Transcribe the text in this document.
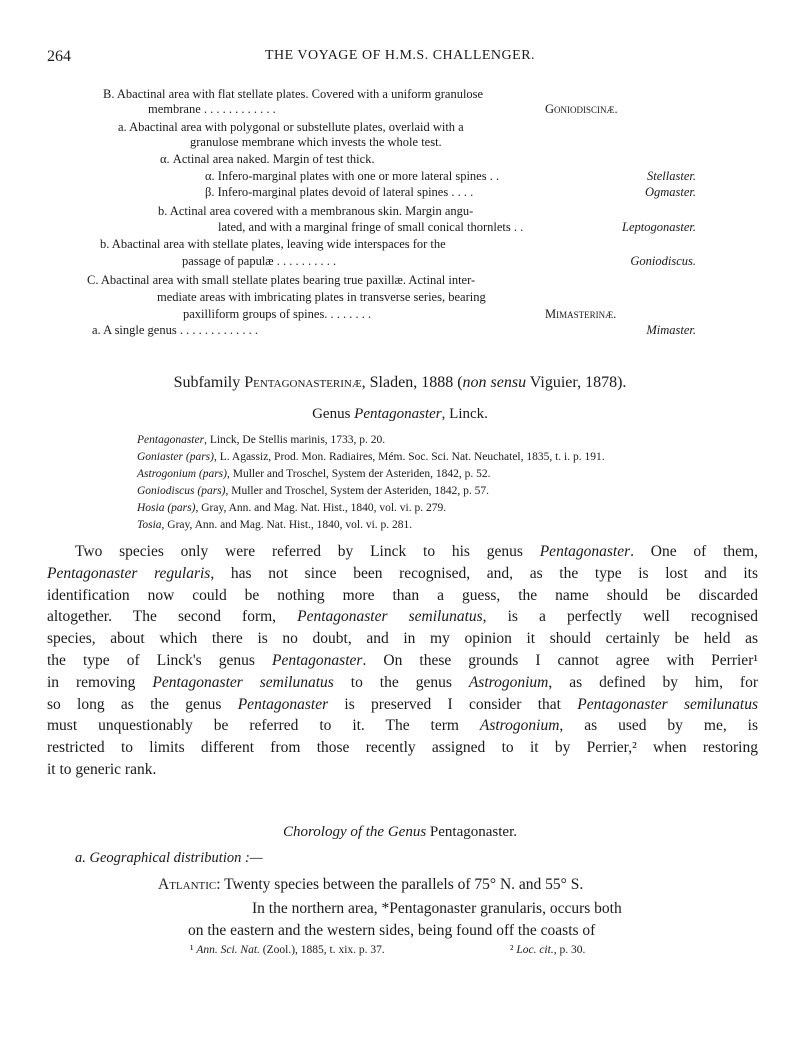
264	THE VOYAGE OF H.M.S. CHALLENGER.
B. Abactinal area with flat stellate plates. Covered with a uniform granulose
membrane . . . . . . . . . . . .	Goniodiscinæ.
a. Abactinal area with polygonal or substellute plates, overlaid with a
granulose membrane which invests the whole test.
α. Actinal area naked. Margin of test thick.
α. Infero-marginal plates with one or more lateral spines . .	Stellaster.
β. Infero-marginal plates devoid of lateral spines . . . .	Ogmaster.
b. Actinal area covered with a membranous skin. Margin angu-
lated, and with a marginal fringe of small conical thornlets . .	Leptogonaster.
b. Abactinal area with stellate plates, leaving wide interspaces for the
passage of papulæ . . . . . . . . . .	Goniodiscus.
C. Abactinal area with small stellate plates bearing true paxillæ. Actinal inter-
mediate areas with imbricating plates in transverse series, bearing
paxilliform groups of spines. . . . . . . .	Mimasterinæ.
a. A single genus . . . . . . . . . . . . .	Mimaster.
Subfamily Pentagonasterinæ, Sladen, 1888 (non sensu Viguier, 1878).
Genus Pentagonaster, Linck.
Pentagonaster, Linck, De Stellis marinis, 1733, p. 20.
Goniaster (pars), L. Agassiz, Prod. Mon. Radiaires, Mém. Soc. Sci. Nat. Neuchatel, 1835, t. i. p. 191.
Astrogonium (pars), Muller and Troschel, System der Asteriden, 1842, p. 52.
Goniodiscus (pars), Muller and Troschel, System der Asteriden, 1842, p. 57.
Hosia (pars), Gray, Ann. and Mag. Nat. Hist., 1840, vol. vi. p. 279.
Tosia, Gray, Ann. and Mag. Nat. Hist., 1840, vol. vi. p. 281.
Two species only were referred by Linck to his genus Pentagonaster. One of them,
Pentagonaster regularis, has not since been recognised, and, as the type is lost and its
identification now could be nothing more than a guess, the name should be discarded
altogether. The second form, Pentagonaster semilunatus, is a perfectly well recognised
species, about which there is no doubt, and in my opinion it should certainly be held as
the type of Linck's genus Pentagonaster. On these grounds I cannot agree with Perrier¹
in removing Pentagonaster semilunatus to the genus Astrogonium, as defined by him, for
so long as the genus Pentagonaster is preserved I consider that Pentagonaster semilunatus
must unquestionably be referred to it. The term Astrogonium, as used by me, is
restricted to limits different from those recently assigned to it by Perrier,² when restoring
it to generic rank.
Chorology of the Genus Pentagonaster.
a. Geographical distribution :—
Atlantic: Twenty species between the parallels of 75° N. and 55° S.
In the northern area, *Pentagonaster granularis, occurs both
on the eastern and the western sides, being found off the coasts of
¹ Ann. Sci. Nat. (Zool.), 1885, t. xix. p. 37.	² Loc. cit., p. 30.
